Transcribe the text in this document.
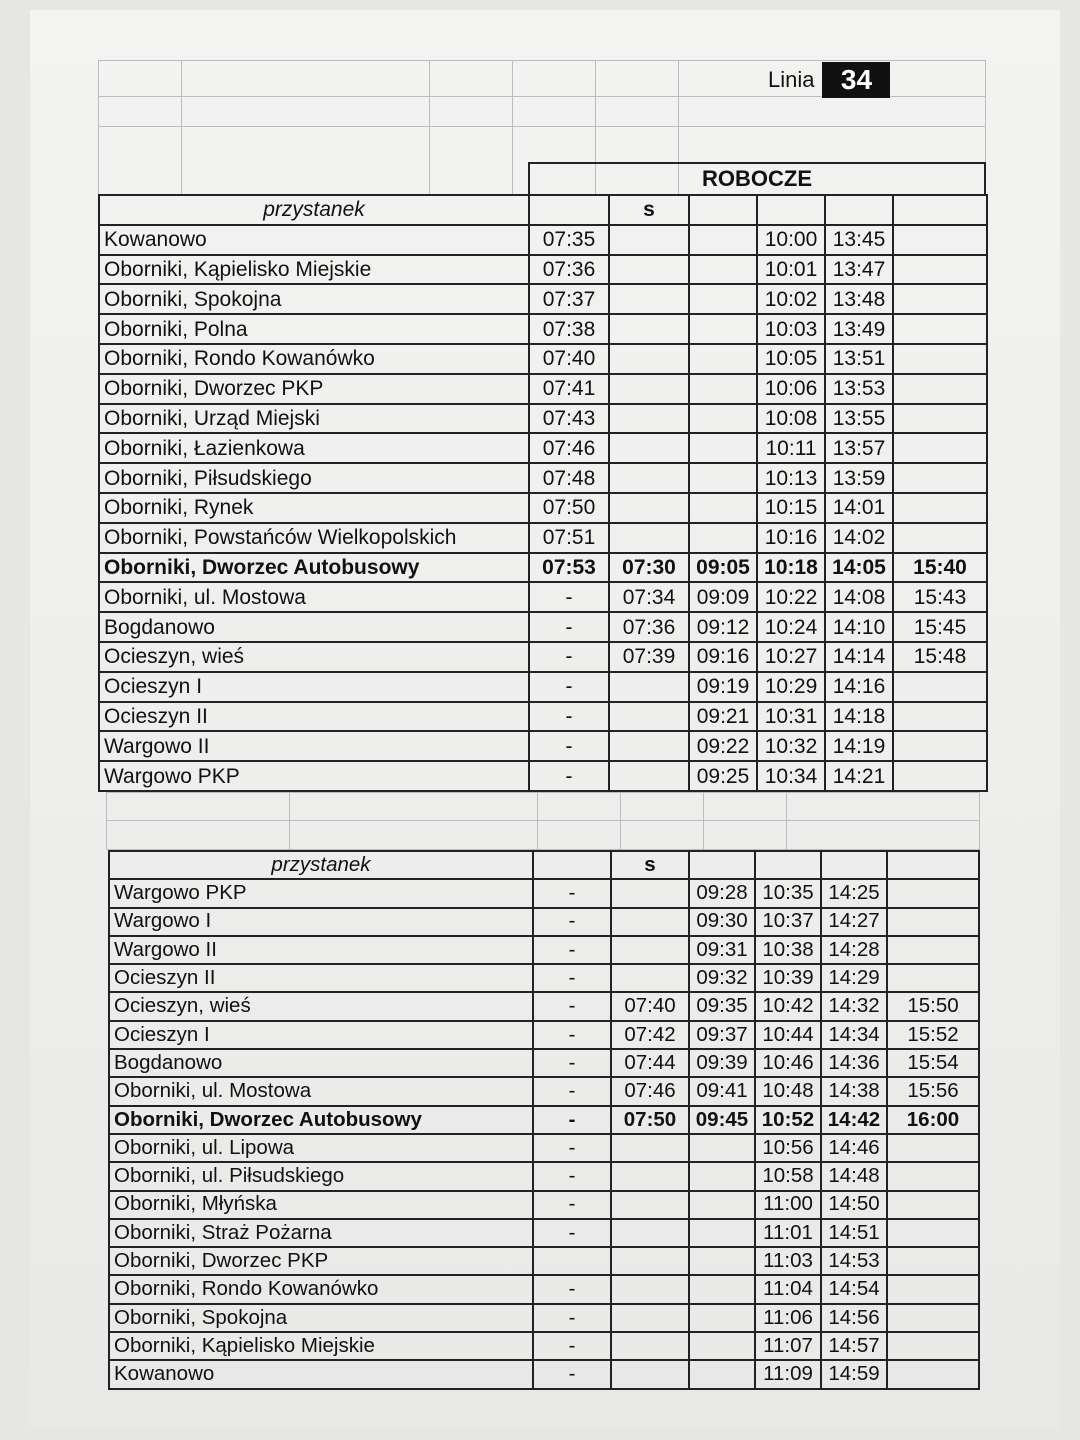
Linia 34
ROBOCZE
przystanek		s				
Kowanowo	07:35			10:00	13:45	
Oborniki, Kąpielisko Miejskie	07:36			10:01	13:47	
Oborniki, Spokojna	07:37			10:02	13:48	
Oborniki, Polna	07:38			10:03	13:49	
Oborniki, Rondo Kowanówko	07:40			10:05	13:51	
Oborniki, Dworzec PKP	07:41			10:06	13:53	
Oborniki, Urząd Miejski	07:43			10:08	13:55	
Oborniki, Łazienkowa	07:46			10:11	13:57	
Oborniki, Piłsudskiego	07:48			10:13	13:59	
Oborniki, Rynek	07:50			10:15	14:01	
Oborniki, Powstańców Wielkopolskich	07:51			10:16	14:02	
Oborniki, Dworzec Autobusowy	07:53	07:30	09:05	10:18	14:05	15:40
Oborniki, ul. Mostowa	-	07:34	09:09	10:22	14:08	15:43
Bogdanowo	-	07:36	09:12	10:24	14:10	15:45
Ocieszyn, wieś	-	07:39	09:16	10:27	14:14	15:48
Ocieszyn I	-		09:19	10:29	14:16	
Ocieszyn II	-		09:21	10:31	14:18	
Wargowo II	-		09:22	10:32	14:19	
Wargowo PKP	-		09:25	10:34	14:21	

przystanek		s				
Wargowo PKP	-		09:28	10:35	14:25	
Wargowo I	-		09:30	10:37	14:27	
Wargowo II	-		09:31	10:38	14:28	
Ocieszyn II	-		09:32	10:39	14:29	
Ocieszyn, wieś	-	07:40	09:35	10:42	14:32	15:50
Ocieszyn I	-	07:42	09:37	10:44	14:34	15:52
Bogdanowo	-	07:44	09:39	10:46	14:36	15:54
Oborniki, ul. Mostowa	-	07:46	09:41	10:48	14:38	15:56
Oborniki, Dworzec Autobusowy	-	07:50	09:45	10:52	14:42	16:00
Oborniki, ul. Lipowa	-			10:56	14:46	
Oborniki, ul. Piłsudskiego	-			10:58	14:48	
Oborniki, Młyńska	-			11:00	14:50	
Oborniki, Straż Pożarna	-			11:01	14:51	
Oborniki, Dworzec PKP				11:03	14:53	
Oborniki, Rondo Kowanówko	-			11:04	14:54	
Oborniki, Spokojna	-			11:06	14:56	
Oborniki, Kąpielisko Miejskie	-			11:07	14:57	
Kowanowo	-			11:09	14:59	
